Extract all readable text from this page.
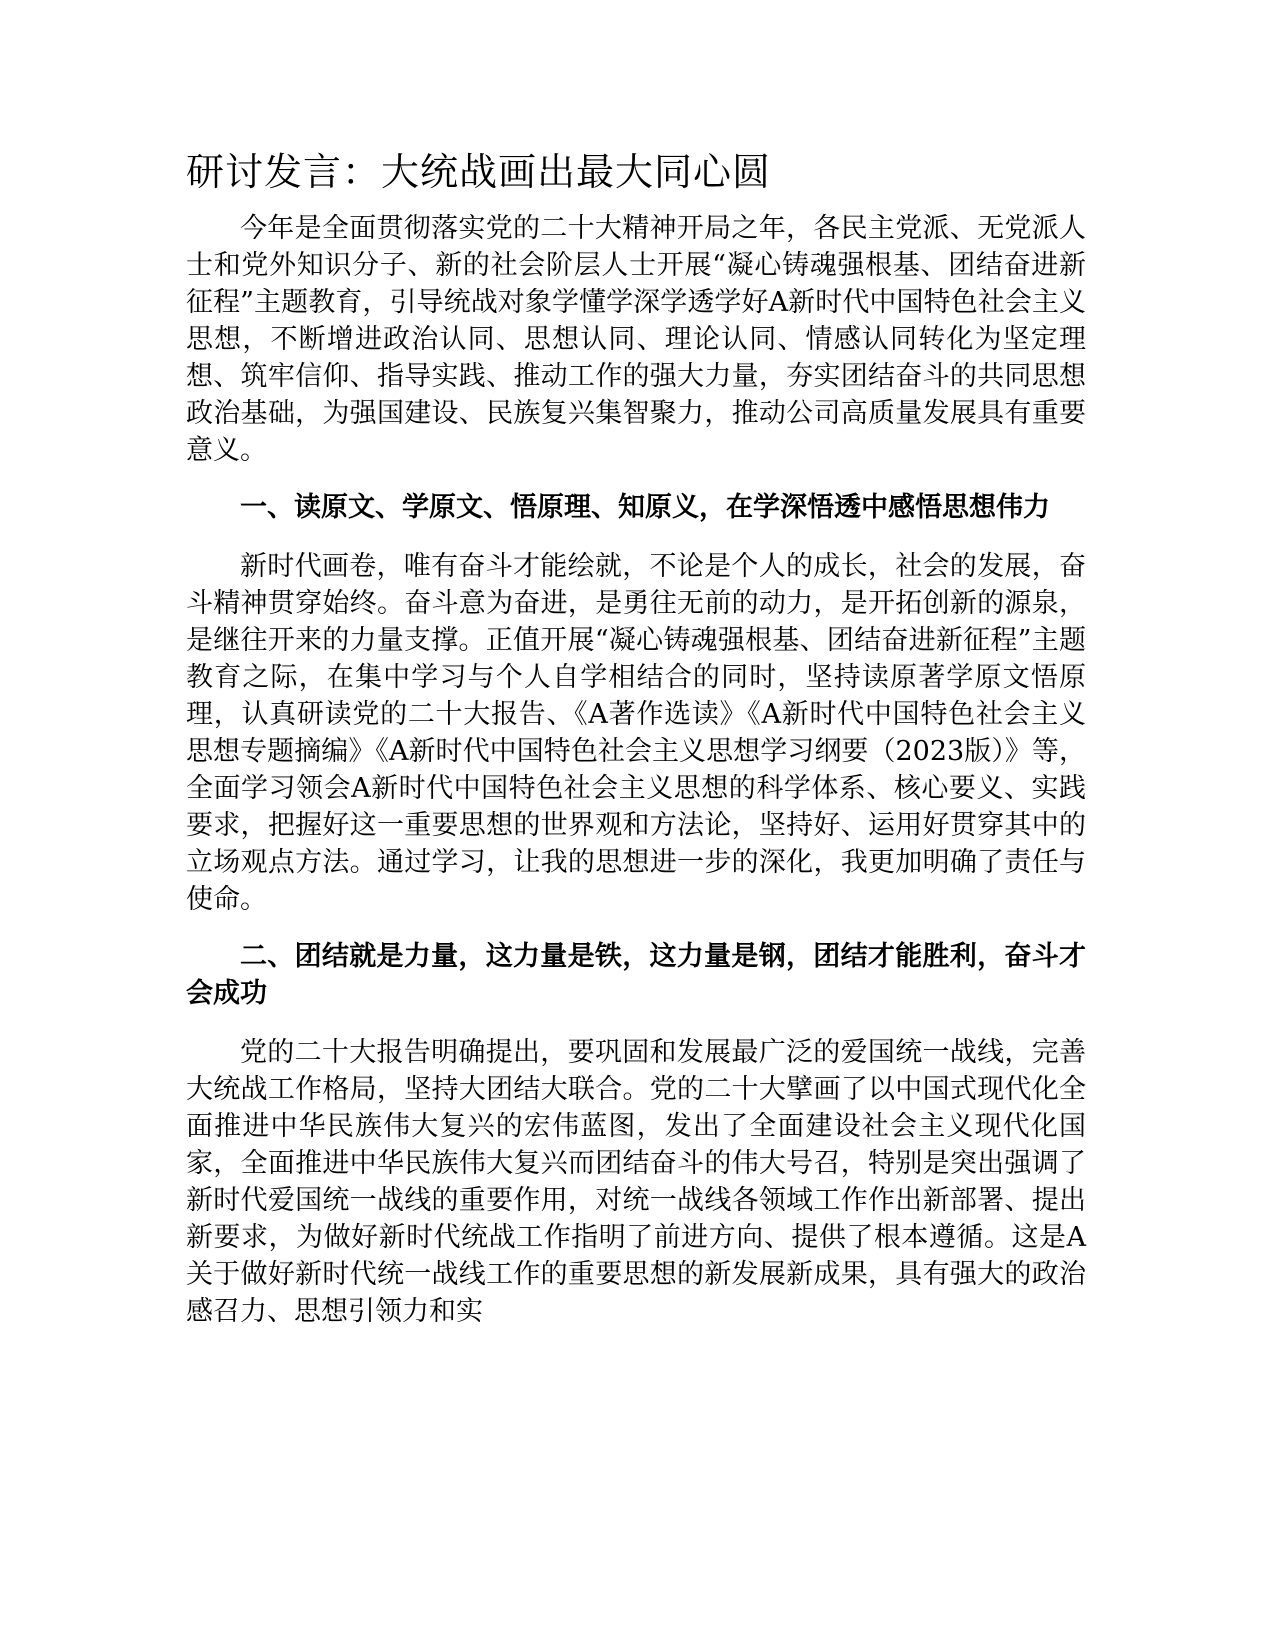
研讨发言：大统战画出最大同心圆

今年是全面贯彻落实党的二十大精神开局之年，各民主党派、无党派人士和党外知识分子、新的社会阶层人士开展“凝心铸魂强根基、团结奋进新征程”主题教育，引导统战对象学懂学深学透学好A新时代中国特色社会主义思想，不断增进政治认同、思想认同、理论认同、情感认同转化为坚定理想、筑牢信仰、指导实践、推动工作的强大力量，夯实团结奋斗的共同思想政治基础，为强国建设、民族复兴集智聚力，推动公司高质量发展具有重要意义。

一、读原文、学原文、悟原理、知原义，在学深悟透中感悟思想伟力

新时代画卷，唯有奋斗才能绘就，不论是个人的成长，社会的发展，奋斗精神贯穿始终。奋斗意为奋进，是勇往无前的动力，是开拓创新的源泉，是继往开来的力量支撑。正值开展“凝心铸魂强根基、团结奋进新征程”主题教育之际，在集中学习与个人自学相结合的同时，坚持读原著学原文悟原理，认真研读党的二十大报告、《A著作选读》《A新时代中国特色社会主义思想专题摘编》《A新时代中国特色社会主义思想学习纲要（2023版）》等，全面学习领会A新时代中国特色社会主义思想的科学体系、核心要义、实践要求，把握好这一重要思想的世界观和方法论，坚持好、运用好贯穿其中的立场观点方法。通过学习，让我的思想进一步的深化，我更加明确了责任与使命。

二、团结就是力量，这力量是铁，这力量是钢，团结才能胜利，奋斗才会成功

党的二十大报告明确提出，要巩固和发展最广泛的爱国统一战线，完善大统战工作格局，坚持大团结大联合。党的二十大擘画了以中国式现代化全面推进中华民族伟大复兴的宏伟蓝图，发出了全面建设社会主义现代化国家，全面推进中华民族伟大复兴而团结奋斗的伟大号召，特别是突出强调了新时代爱国统一战线的重要作用，对统一战线各领域工作作出新部署、提出新要求，为做好新时代统战工作指明了前进方向、提供了根本遵循。这是A关于做好新时代统一战线工作的重要思想的新发展新成果，具有强大的政治感召力、思想引领力和实
